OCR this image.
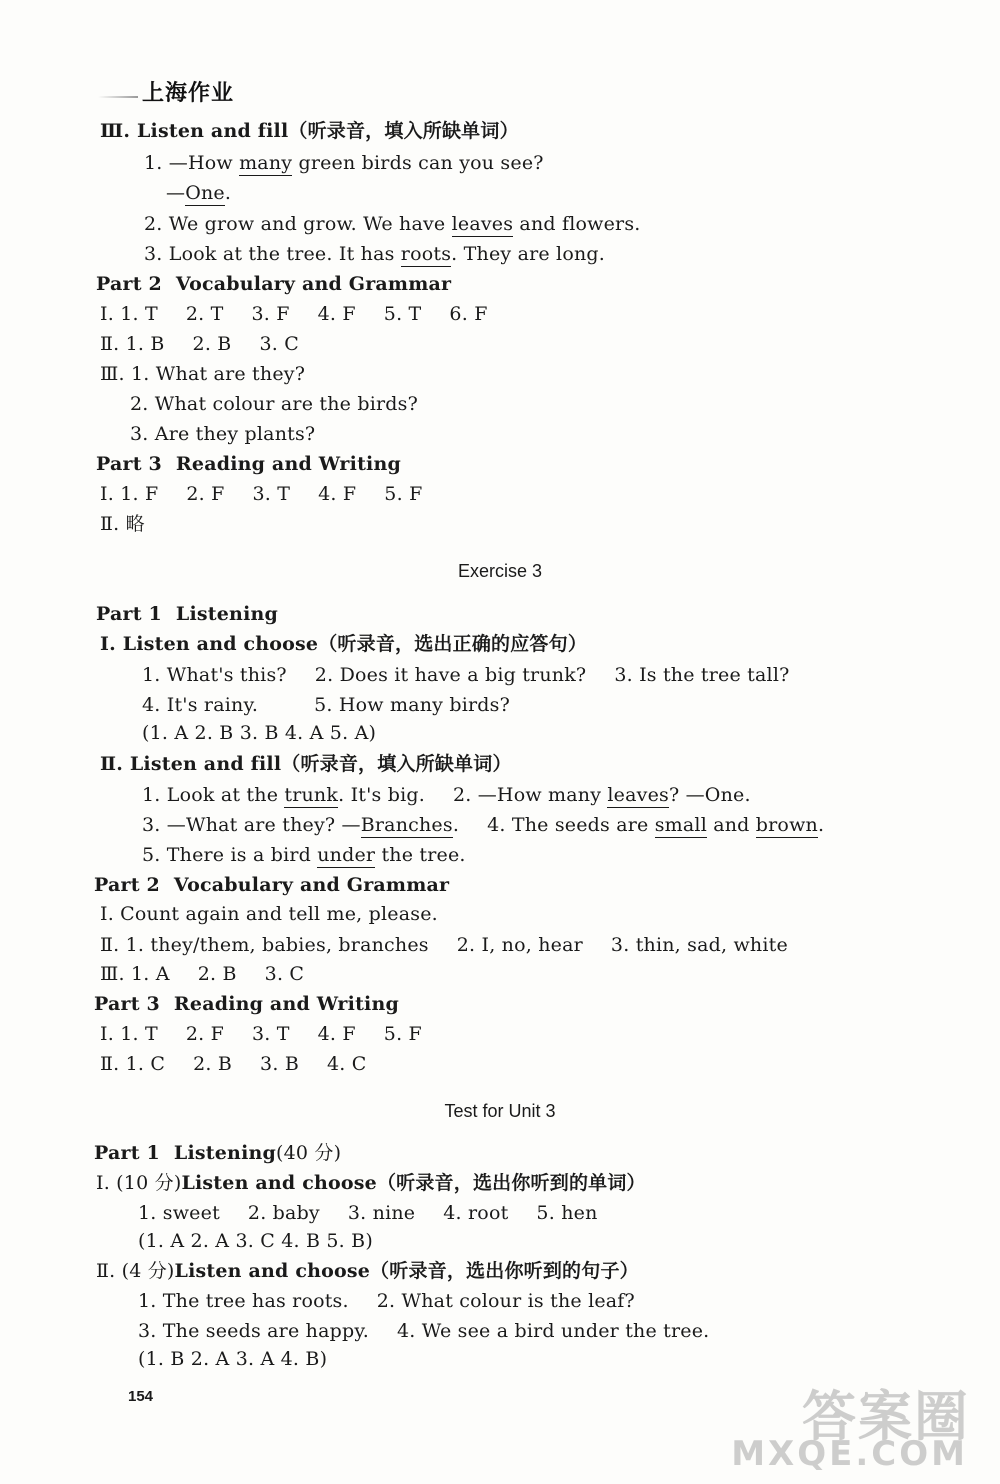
上海作业
Ⅲ. Listen and fill（听录音，填入所缺单词）
1. —How many green birds can you see?
—One.
2. We grow and grow. We have leaves and flowers.
3. Look at the tree. It has roots. They are long.
Part 2 Vocabulary and Grammar
Ⅰ. 1. T 2. T 3. F 4. F 5. T 6. F
Ⅱ. 1. B 2. B 3. C
Ⅲ. 1. What are they?
2. What colour are the birds?
3. Are they plants?
Part 3 Reading and Writing
Ⅰ. 1. F 2. F 3. T 4. F 5. F
Ⅱ. 略
Exercise 3
Part 1 Listening
Ⅰ. Listen and choose（听录音，选出正确的应答句）
1. What's this? 2. Does it have a big trunk? 3. Is the tree tall?
4. It's rainy.	5. How many birds?
(1. A 2. B 3. B 4. A 5. A)
Ⅱ. Listen and fill（听录音，填入所缺单词）
1. Look at the trunk. It's big. 2. —How many leaves? —One.
3. —What are they? —Branches. 4. The seeds are small and brown.
5. There is a bird under the tree.
Part 2 Vocabulary and Grammar
Ⅰ. Count again and tell me, please.
Ⅱ. 1. they/them, babies, branches 2. I, no, hear 3. thin, sad, white
Ⅲ. 1. A 2. B 3. C
Part 3 Reading and Writing
Ⅰ. 1. T 2. F 3. T 4. F 5. F
Ⅱ. 1. C 2. B 3. B 4. C
Test for Unit 3
Part 1 Listening(40 分)
Ⅰ. (10 分)Listen and choose（听录音，选出你听到的单词）
1. sweet 2. baby 3. nine 4. root 5. hen
(1. A 2. A 3. C 4. B 5. B)
Ⅱ. (4 分)Listen and choose（听录音，选出你听到的句子）
1. The tree has roots. 2. What colour is the leaf?
3. The seeds are happy. 4. We see a bird under the tree.
(1. B 2. A 3. A 4. B)
154	答案圈
MXQE.COM
